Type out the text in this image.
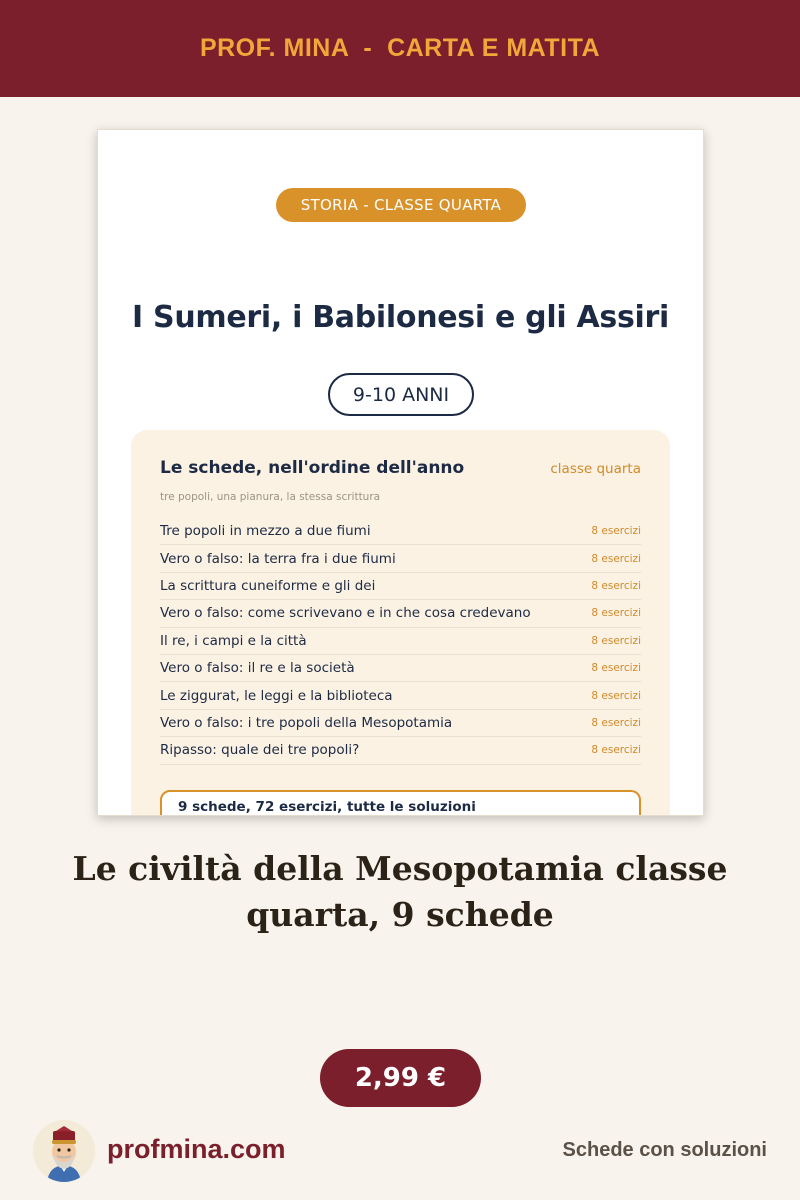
PROF. MINA  -  CARTA E MATITA
STORIA - CLASSE QUARTA
I Sumeri, i Babilonesi e gli Assiri
9-10 ANNI
Le schede, nell'ordine dell'anno	classe quarta
tre popoli, una pianura, la stessa scrittura
Tre popoli in mezzo a due fiumi	8 esercizi
Vero o falso: la terra fra i due fiumi	8 esercizi
La scrittura cuneiforme e gli dei	8 esercizi
Vero o falso: come scrivevano e in che cosa credevano	8 esercizi
Il re, i campi e la città	8 esercizi
Vero o falso: il re e la società	8 esercizi
Le ziggurat, le leggi e la biblioteca	8 esercizi
Vero o falso: i tre popoli della Mesopotamia	8 esercizi
Ripasso: quale dei tre popoli?	8 esercizi
9 schede, 72 esercizi, tutte le soluzioni
Le civiltà della Mesopotamia classe
quarta, 9 schede
2,99 €
profmina.com	Schede con soluzioni
